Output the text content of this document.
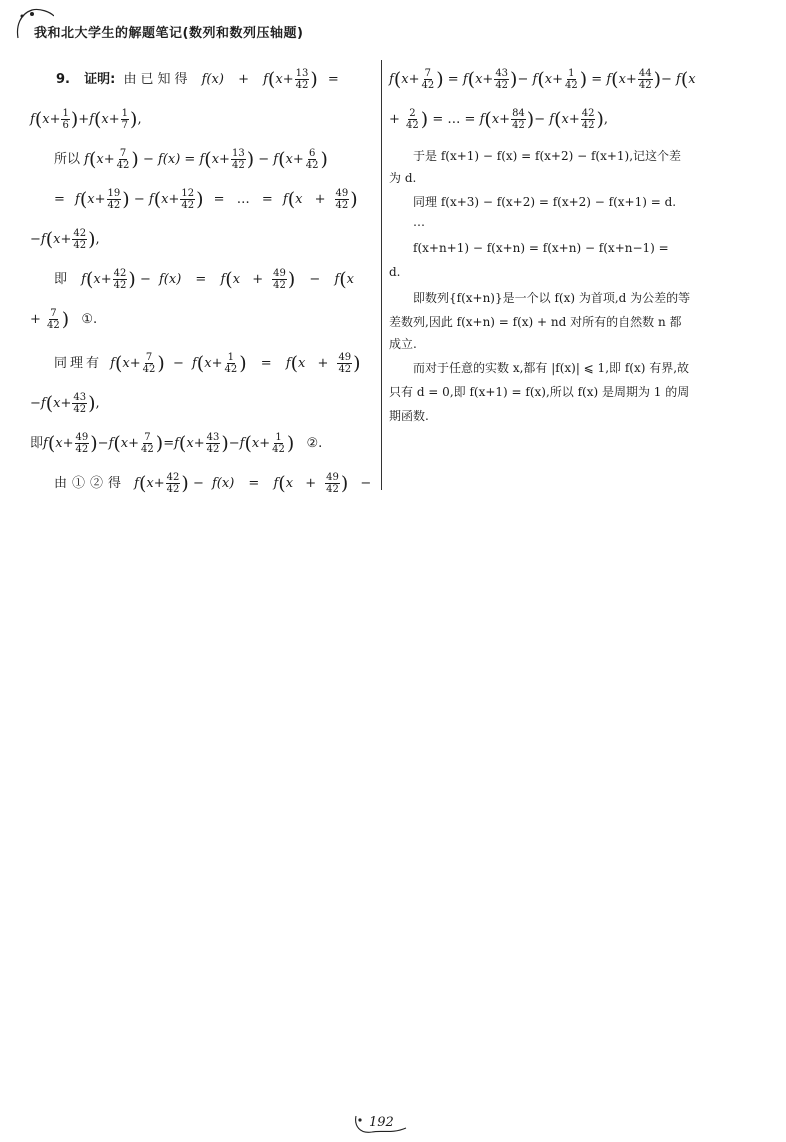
我和北大学生的解题笔记(数列和数列压轴题)
9. 证明: 由已知得 $f(x) + f(x+ \frac{13}{42}$ ) =
$f(x+ \frac{1}{6} )+f(x+ \frac{1}{7}$ ),
所以 $f(x+ \frac{7}{42}$ ) − $f(x) = f(x+ \frac{13}{42}$ ) − $f(x+ \frac{6}{42}$ )
= $f(x+ \frac{19}{42}$ ) − $f(x+ \frac{12}{42}$ ) = … = $f(x + \frac{49}{42}$ )
$-f(x+ \frac{42}{42}$ ),
即 $f(x+ \frac{42}{42}$ ) − $f(x) = f(x + \frac{49}{42}$ ) − f(x
+ $\frac{7}{42}$ ) ①.
同理有 $f(x+ \frac{7}{42}$ ) − $f(x+ \frac{1}{42}$ ) = $f(x + \frac{49}{42}$ )
$-f(x+ \frac{43}{42}$ ),
即$f(x+ \frac{49}{42} )-f(x+ \frac{7}{42} )=f(x+ \frac{43}{42} )-f(x+ \frac{1}{42}$ ) ②.
由①②得 $f(x+ \frac{42}{42}$ ) − $f(x) = f(x + \frac{49}{42}$ ) −
$f(x+ \frac{7}{42}$ ) = $f(x+ \frac{43}{42}$ )− $f(x+ \frac{1}{42}$ ) = $f(x+ \frac{44}{42}$ )− f(x
+ $\frac{2}{42}$ ) = … = $f(x+ \frac{84}{42}$ )− $f(x+ \frac{42}{42}$ ),
于是 f(x+1) − f(x) = f(x+2) − f(x+1),记这个差
为 d.
同理 f(x+3) − f(x+2) = f(x+2) − f(x+1) = d.
…
f(x+n+1) − f(x+n) = f(x+n) − f(x+n−1) =
d.
即数列{f(x+n)}是一个以 f(x) 为首项,d 为公差的等
差数列,因此 f(x+n) = f(x) + nd 对所有的自然数 n 都
成立.
而对于任意的实数 x,都有 |f(x)| ⩽ 1,即 f(x) 有界,故
只有 d = 0,即 f(x+1) = f(x),所以 f(x) 是周期为 1 的周
期函数.
192
